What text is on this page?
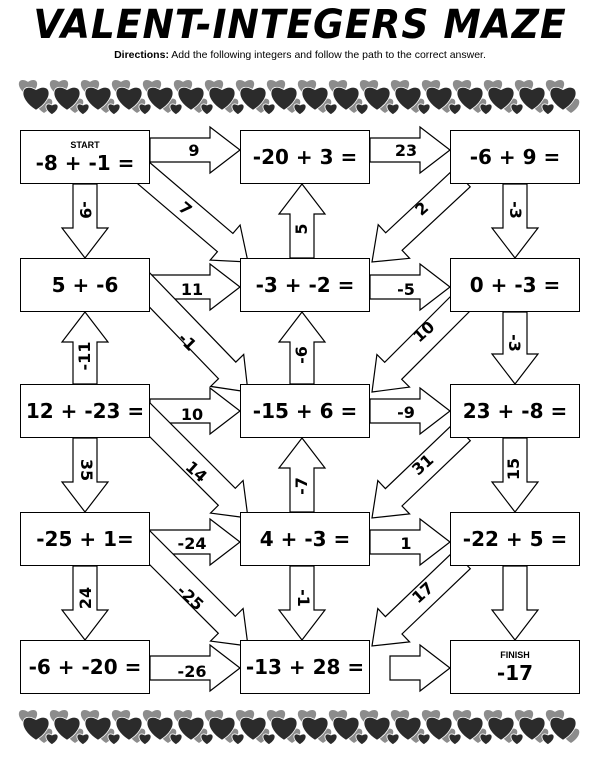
VALENT-INTEGERS MAZE
Directions: Add the following integers and follow the path to the correct answer.
START
-8 + -1 =	-20 + 3 =	-6 + 9 =
5 + -6	-3 + -2 =	0 + -3 =
12 + -23 =	-15 + 6 =	23 + -8 =
-25 + 1=	4 + -3 =	-22 + 5 =
-6 + -20 =	-13 + 28 =
FINISH
-17
9	23
-9	7
5
2	-3
11	-5
-1
-6
10	-3
-11
10	-9
35	14	-7
31	15
-24	1
24	-25	-1	17
-26
